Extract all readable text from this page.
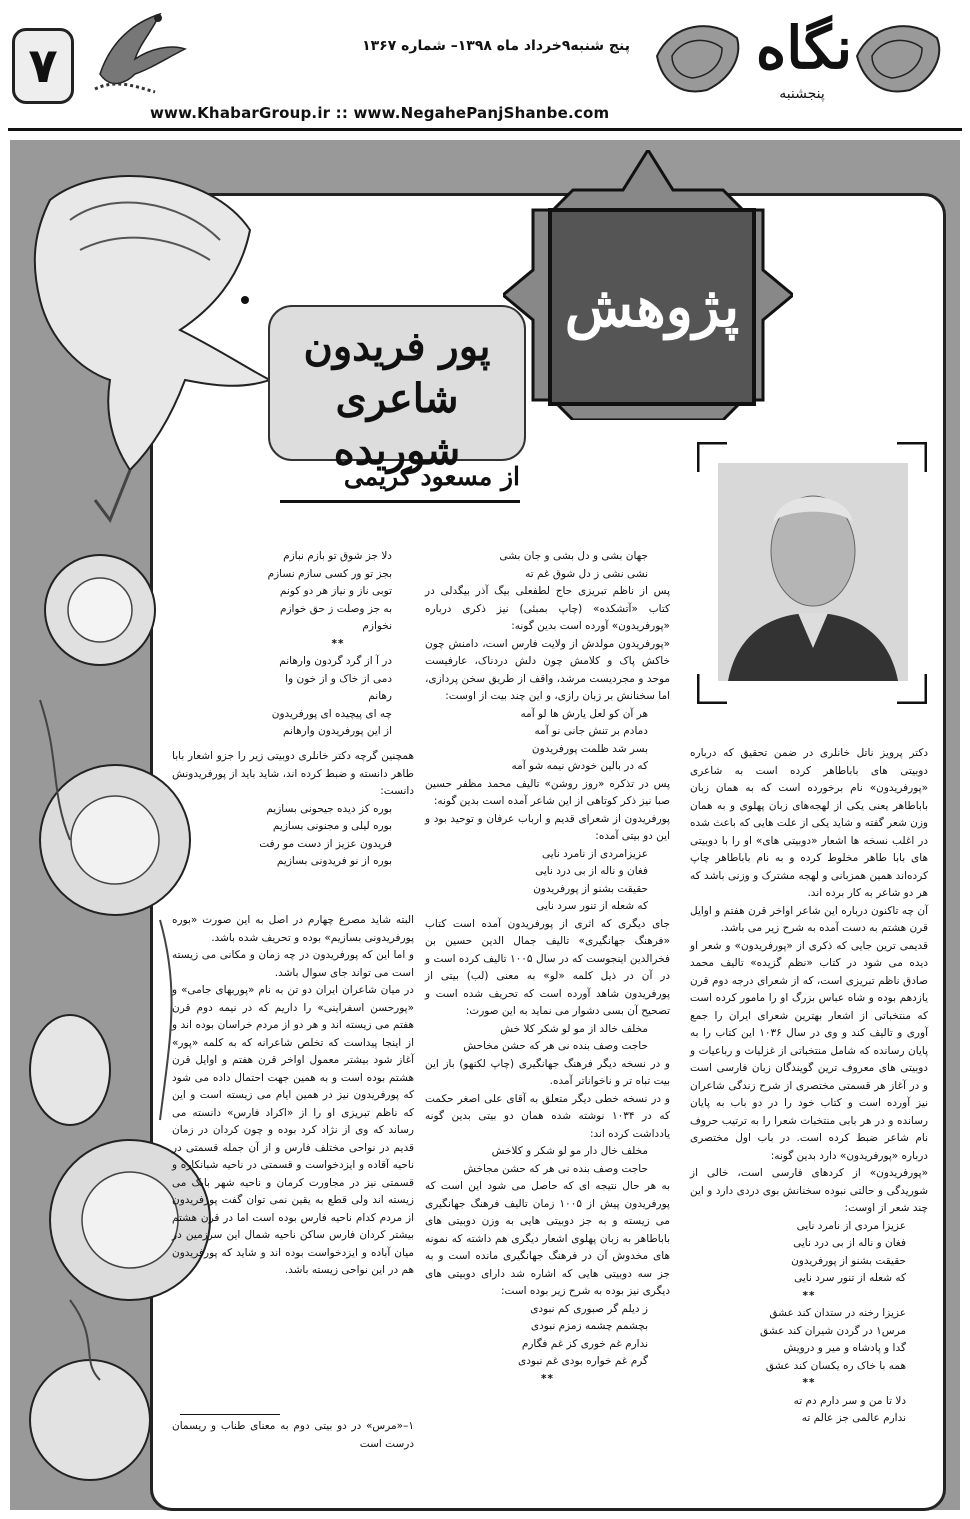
۷	پنج شنبه۹خرداد ماه ۱۳۹۸– شماره ۱۳۶۷
www.KhabarGroup.ir :: www.NegahePanjShanbe.com
نگاه
پنجشنبه
پژوهش
پور فریدون
شاعری شوریده
از مسعود کریمی

دکتر پرویز ناتل خانلری در ضمن تحقیق که درباره دوبیتی های باباطاهر کرده است به شاعری «پورفریدون» نام برخورده است که به همان زبان باباطاهر یعنی یکی از لهجه‌های زبان پهلوی و به همان وزن شعر گفته و شاید یکی از علت هایی که باعث شده در اغلب نسخه ها اشعار «دوبیتی های» او را با دوبیتی های بابا طاهر مخلوط کرده و به نام باباطاهر چاپ کرده‌اند همین همزبانی و لهجه مشترک و وزنی باشد که هر دو شاعر به کار برده اند.

آن چه تاکنون درباره این شاعر اواخر قرن هفتم و اوایل قرن هشتم به دست آمده به شرح زیر می باشد.

قدیمی ترین جایی که ذکری از «پورفریدون» و شعر او دیده می شود در کتاب «نظم گزیده» تالیف محمد صادق ناظم تبریزی است، که از شعرای درجه دوم قرن یازدهم بوده و شاه عباس بزرگ او را مامور کرده است که منتخباتی از اشعار بهترین شعرای ایران را جمع آوری و تالیف کند و وی در سال ۱۰۳۶ این کتاب را به پایان رسانده که شامل منتخباتی از غزلیات و رباعیات و دوبیتی های معروف ترین گویندگان زبان فارسی است و در آغاز هر قسمتی مختصری از شرح زندگی شاعران نیز آورده است و کتاب خود را در دو باب به پایان رسانده و در هر بابی منتخبات شعرا را به ترتیب حروف نام شاعر ضبط کرده است. در باب اول مختصری درباره «پورفریدون» دارد بدین گونه:

«پورفریدون» از کردهای فارسی است، خالی از شوریدگی و حالتی نبوده سخنانش بوی دردی دارد و این چند شعر از اوست:

عزیزا مردی از نامرد نایی

فغان و ناله از بی درد نایی

حقیقت بشنو از پورفریدون

که شعله از تنور سرد نایی

**

عزیزا رخنه در ستدان کند عشق

مرس۱ در گردن شیران کند عشق

گدا و پادشاه و میر و درویش

همه با خاک ره یکسان کند عشق

**

دلا تا من و سر دارم دم ته

ندارم عالمی جز عالم ته

جهان بشی و دل بشی و جان بشی

نشی نشی ز دل شوق غم ته

پس از ناظم تبریزی حاج لطفعلی بیگ آذر بیگدلی در کتاب «آتشکده» (چاپ بمبئی) نیز ذکری درباره «پورفریدون» آورده است بدین گونه:

«پورفریدون مولدش از ولایت فارس است، دامنش چون خاکش پاک و کلامش چون دلش دردناک، عارفیست موحد و مجردیست مرشد، واقف از طریق سخن پردازی، اما سخنانش بر زبان رازی، و این چند بیت از اوست:

هر آن کو لعل یارش ها لو آمه

دمادم بر تنش جانی نو آمه

بسر شد ظلمت پورفریدون

که در بالین خودش نیمه شو آمه

پس در تذکره «روز روشن» تالیف محمد مظفر حسین صبا نیز ذکر کوتاهی از این شاعر آمده است بدین گونه:

پورفریدون از شعرای قدیم و ارباب عرفان و توحید بود و این دو بیتی آمده:

عزیزامردی از نامرد نایی

فغان و ناله از بی درد نایی

حقیقت بشنو از پورفریدون

که شعله از تنور سرد نایی

جای دیگری که اثری از پورفریدون آمده است کتاب «فرهنگ جهانگیری» تالیف جمال الدین حسین بن فخرالدین اینجوست که در سال ۱۰۰۵ تالیف کرده است و در آن در ذیل کلمه «لو» به معنی (لب) بیتی از پورفریدون شاهد آورده است که تحریف شده است و تصحیح آن بسی دشوار می نماید به این صورت:

مخلف خالد از مو لو شکر کلا خش

حاجت وصف بنده نی هر که حشن مخاحش

و در نسخه دیگر فرهنگ جهانگیری (چاپ لکنهو) باز این بیت تباه تر و ناخواناتر آمده.

و در نسخه خطی دیگر متعلق به آقای علی اصغر حکمت که در ۱۰۳۴ نوشته شده همان دو بیتی بدین گونه یادداشت کرده اند:

مخلف خال دار مو لو شکر و کلاخش

حاجت وصف بنده نی هر که حشن مجاخش

به هر حال نتیجه ای که حاصل می شود این است که پورفریدون پیش از ۱۰۰۵ زمان تالیف فرهنگ جهانگیری می زیسته و به جز دوبیتی هایی به وزن دوبیتی های باباطاهر به زبان پهلوی اشعار دیگری هم داشته که نمونه های مخدوش آن در فرهنگ جهانگیری مانده است و به جز سه دوبیتی هایی که اشاره شد دارای دوبیتی های دیگری نیز بوده به شرح زیر بوده است:

ز دیلم گر صبوری کم نبودی

بچشمم چشمه زمزم نبودی

ندارم غم خوری کز غم فگارم

گرم غم خواره بودی غم نبودی

**

دلا جز شوق تو بازم نبازم

بجز تو ور کسی سازم نسازم

توبی ناز و نیاز هر دو کونم

به جز وصلت ز حق خوازم نخوازم

**

در آ از گرد گردون وارهانم

دمی از خاک و از خون وا رهانم

چه ای پیچیده ای پورفریدون

از این پورفریدون وارهانم

همچنین گرچه دکتر خانلری دوبیتی زیر را جزو اشعار بابا طاهر دانسته و ضبط کرده اند، شاید باید از پورفریدونش دانست:

بوره کز دیده جیحونی بسازیم

بوره لیلی و مجنونی بسازیم

فریدون عزیز از دست مو رفت

بوره از نو فریدونی بسازیم

البته شاید مصرع چهارم در اصل به این صورت «بوره پورفریدونی بسازیم» بوده و تحریف شده باشد.

و اما این که پورفریدون در چه زمان و مکانی می زیسته است می تواند جای سوال باشد.

در میان شاعران ایران دو تن به نام «پوربهای جامی» و «پورحسن اسفراینی» را داریم که در نیمه دوم قرن هفتم می زیسته اند و هر دو از مردم خراسان بوده اند و از اینجا پیداست که تخلص شاعرانه که به کلمه «پور» آغاز شود بیشتر معمول اواخر قرن هفتم و اوایل قرن هشتم بوده است و به همین جهت احتمال داده می شود که پورفریدون نیز در همین ایام می زیسته است و این که ناظم تبریزی او را از «اکراد فارس» دانسته می رساند که وی از نژاد کرد بوده و چون کردان در زمان قدیم در نواحی مختلف فارس و از آن جمله قسمتی در ناحیه آقاده و ایزدخواست و قسمتی در ناحیه شبانکاره و قسمتی نیز در مجاورت کرمان و ناحیه شهر بابک می زیسته اند ولی قطع به یقین نمی توان گفت پورفریدون از مردم کدام ناحیه فارس بوده است اما در قرن هشتم بیشتر کردان فارس ساکن ناحیه شمال این سرزمین در میان آباده و ایزدخواست بوده اند و شاید که پورفریدون هم در این نواحی زیسته باشد.

۱–«مرس» در دو بیتی دوم به معنای طناب و ریسمان درست است
